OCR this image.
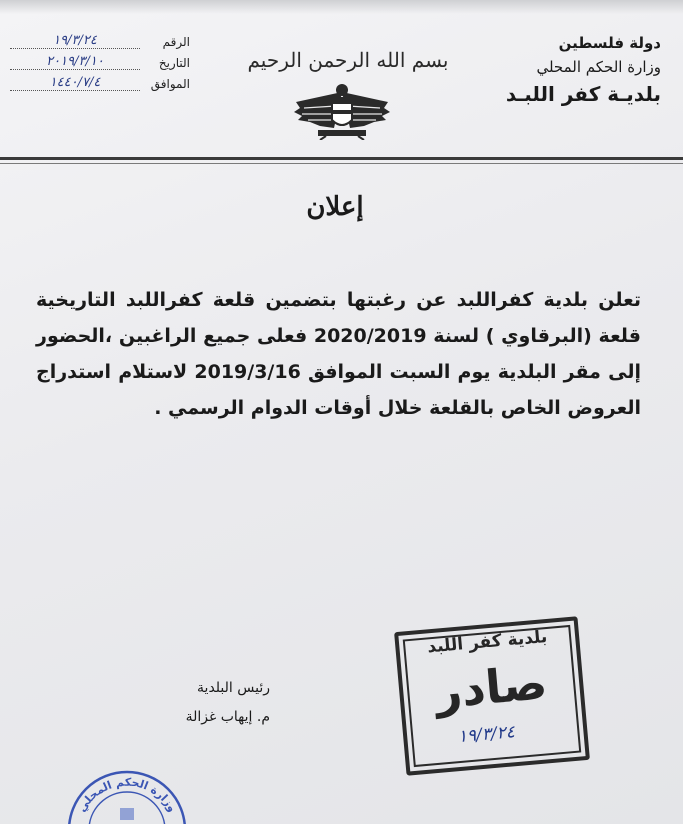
الرقم
١٩/٣/٢٤
التاريخ
٢٠١٩/٣/١٠
الموافق
١٤٤٠/٧/٤
بسم الله الرحمن الرحيم
دولة فلسطين
وزارة الحكم المحلي
بلديـة كفر اللبـد
إعلان
تعلن بلدية كفراللبد عن رغبتها بتضمين قلعة كفراللبد التاريخية قلعة (البرقاوي ) لسنة 2020/2019 فعلى جميع الراغبين ،الحضور إلى مقر البلدية يوم السبت الموافق 2019/3/16 لاستلام استدراج العروض الخاص بالقلعة خلال أوقات الدوام الرسمي .
رئيس البلدية
م. إيهاب غزالة
بلدية كفر اللبد
صادر
١٩/٣/٢٤
وزارة الحكم المحلي
